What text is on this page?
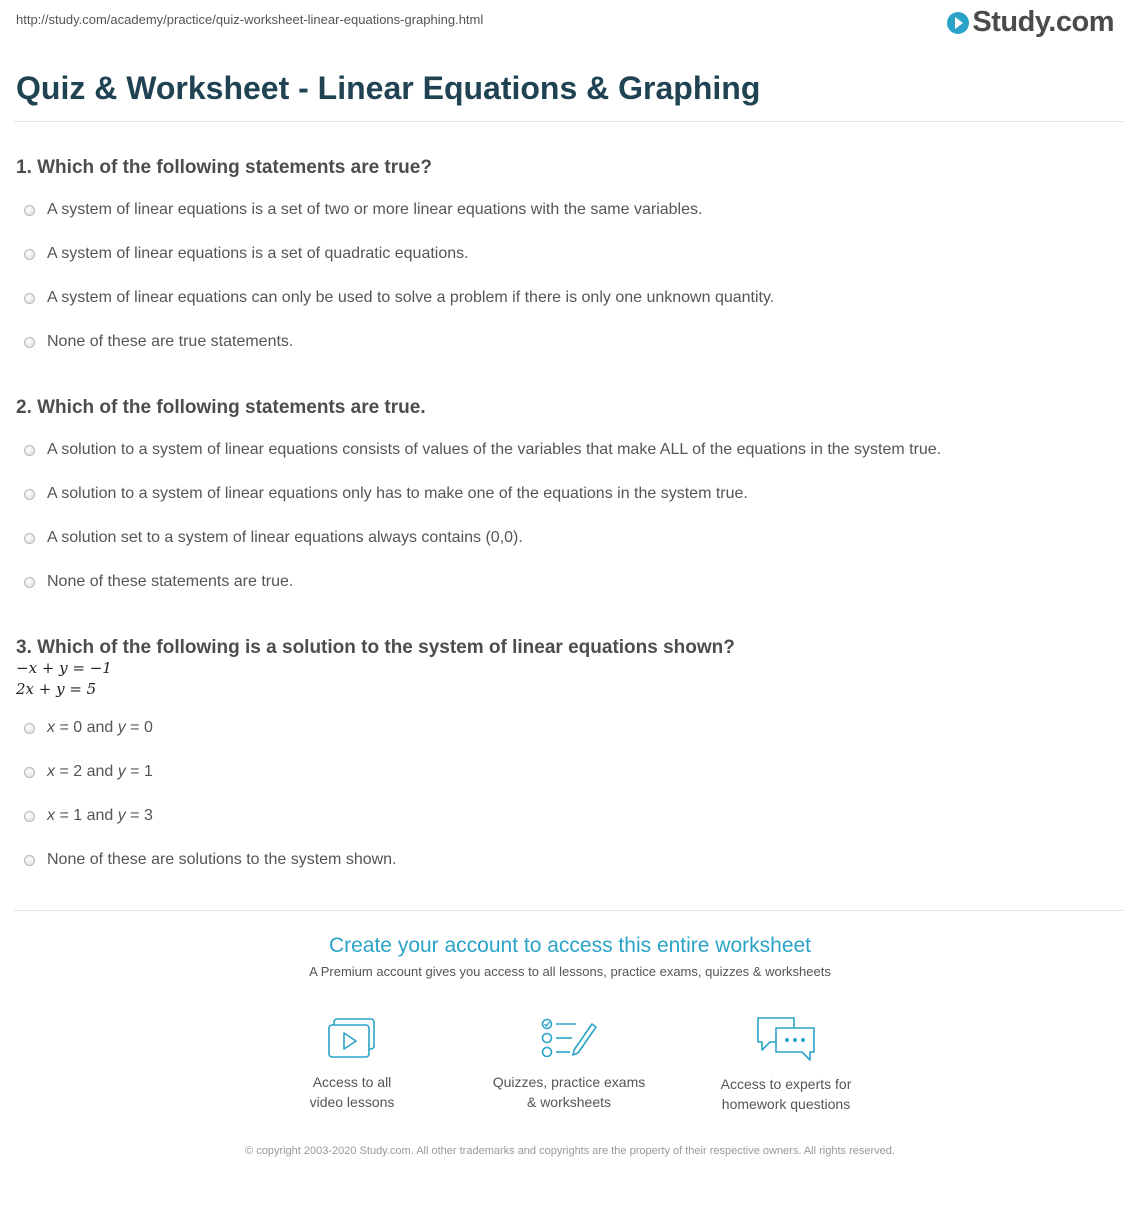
http://study.com/academy/practice/quiz-worksheet-linear-equations-graphing.html	Study.com
Quiz & Worksheet - Linear Equations & Graphing
1. Which of the following statements are true?
A system of linear equations is a set of two or more linear equations with the same variables.
A system of linear equations is a set of quadratic equations.
A system of linear equations can only be used to solve a problem if there is only one unknown quantity.
None of these are true statements.
2. Which of the following statements are true.
A solution to a system of linear equations consists of values of the variables that make ALL of the equations in the system true.
A solution to a system of linear equations only has to make one of the equations in the system true.
A solution set to a system of linear equations always contains (0,0).
None of these statements are true.
3. Which of the following is a solution to the system of linear equations shown?
−x + y = −1
2x + y = 5
x = 0 and y = 0
x = 2 and y = 1
x = 1 and y = 3
None of these are solutions to the system shown.
Create your account to access this entire worksheet
A Premium account gives you access to all lessons, practice exams, quizzes & worksheets
Access to all
video lessons
Quizzes, practice exams
& worksheets
Access to experts for
homework questions
© copyright 2003-2020 Study.com. All other trademarks and copyrights are the property of their respective owners. All rights reserved.
